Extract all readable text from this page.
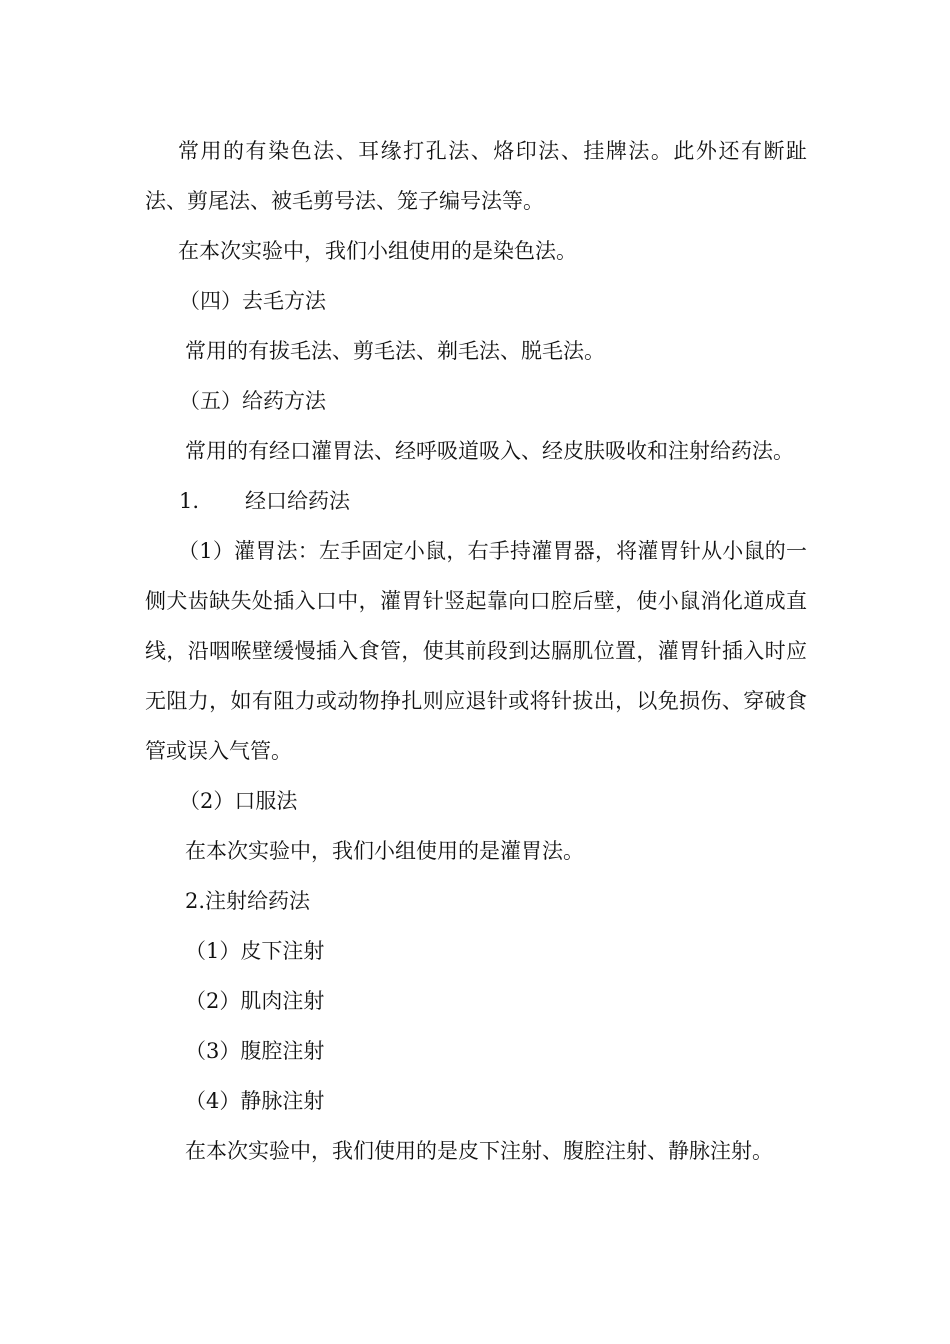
常用的有染色法、耳缘打孔法、烙印法、挂牌法。此外还有断趾法、剪尾法、被毛剪号法、笼子编号法等。

在本次实验中，我们小组使用的是染色法。

（四）去毛方法

常用的有拔毛法、剪毛法、剃毛法、脱毛法。

（五）给药方法

常用的有经口灌胃法、经呼吸道吸入、经皮肤吸收和注射给药法。

1. 经口给药法

（1）灌胃法：左手固定小鼠，右手持灌胃器，将灌胃针从小鼠的一侧犬齿缺失处插入口中，灌胃针竖起靠向口腔后壁，使小鼠消化道成直线，沿咽喉壁缓慢插入食管，使其前段到达膈肌位置，灌胃针插入时应无阻力，如有阻力或动物挣扎则应退针或将针拔出，以免损伤、穿破食管或误入气管。

（2）口服法

在本次实验中，我们小组使用的是灌胃法。

2.注射给药法

（1）皮下注射

（2）肌肉注射

（3）腹腔注射

（4）静脉注射

在本次实验中，我们使用的是皮下注射、腹腔注射、静脉注射。
